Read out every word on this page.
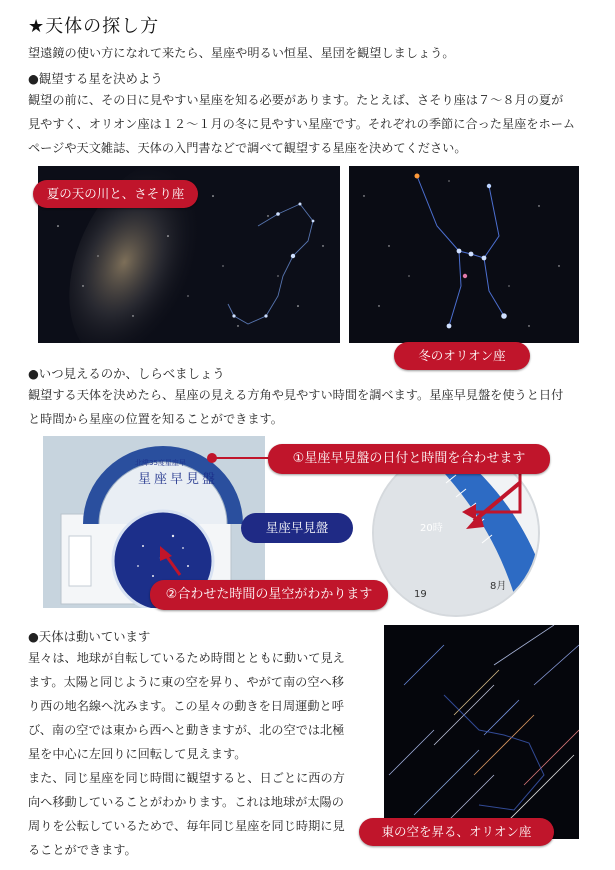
★天体の探し方
望遠鏡の使い方になれて来たら、星座や明るい恒星、星団を観望しましょう。
●観望する星を決めよう
観望の前に、その日に見やすい星座を知る必要があります。たとえば、さそり座は７～８月の夏が
見やすく、オリオン座は１２～１月の冬に見やすい星座です。それぞれの季節に合った星座をホーム
ページや天文雑誌、天体の入門書などで調べて観望する星座を決めてください。
夏の天の川と、さそり座
冬のオリオン座
●いつ見えるのか、しらべましょう
観望する天体を決めたら、星座の見える方角や見やすい時間を調べます。星座早見盤を使うと日付
と時間から星座の位置を知ることができます。
星座早見盤
北緯35度星座早
20時
8月
19
①星座早見盤の日付と時間を合わせます
星座早見盤
②合わせた時間の星空がわかります
●天体は動いています
星々は、地球が自転しているため時間とともに動いて見え
ます。太陽と同じように東の空を昇り、やがて南の空へ移
り西の地名線へ沈みます。この星々の動きを日周運動と呼
び、南の空では東から西へと動きますが、北の空では北極
星を中心に左回りに回転して見えます。
また、同じ星座を同じ時間に観望すると、日ごとに西の方
向へ移動していることがわかります。これは地球が太陽の
周りを公転しているためで、毎年同じ星座を同じ時期に見
ることができます。
東の空を昇る、オリオン座
